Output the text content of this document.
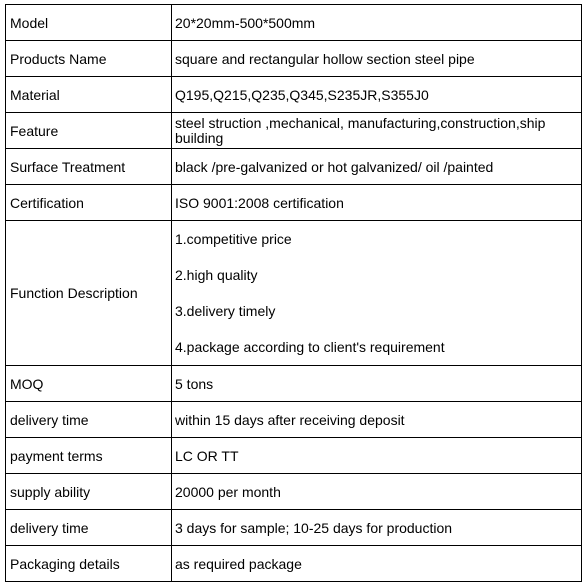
Model	20*20mm-500*500mm
Products Name	square and rectangular hollow section steel pipe
Material	Q195,Q215,Q235,Q345,S235JR,S355J0
Feature	steel struction ,mechanical, manufacturing,construction,ship building
Surface Treatment	black /pre-galvanized or hot galvanized/ oil /painted
Certification	ISO 9001:2008 certification
Function Description	1.competitive price
2.high quality
3.delivery timely
4.package according to client's requirement

MOQ	5 tons
delivery time	within 15 days after receiving deposit
payment terms	LC OR TT
supply ability	20000 per month
delivery time	3 days for sample; 10-25 days for production
Packaging details	as required package
